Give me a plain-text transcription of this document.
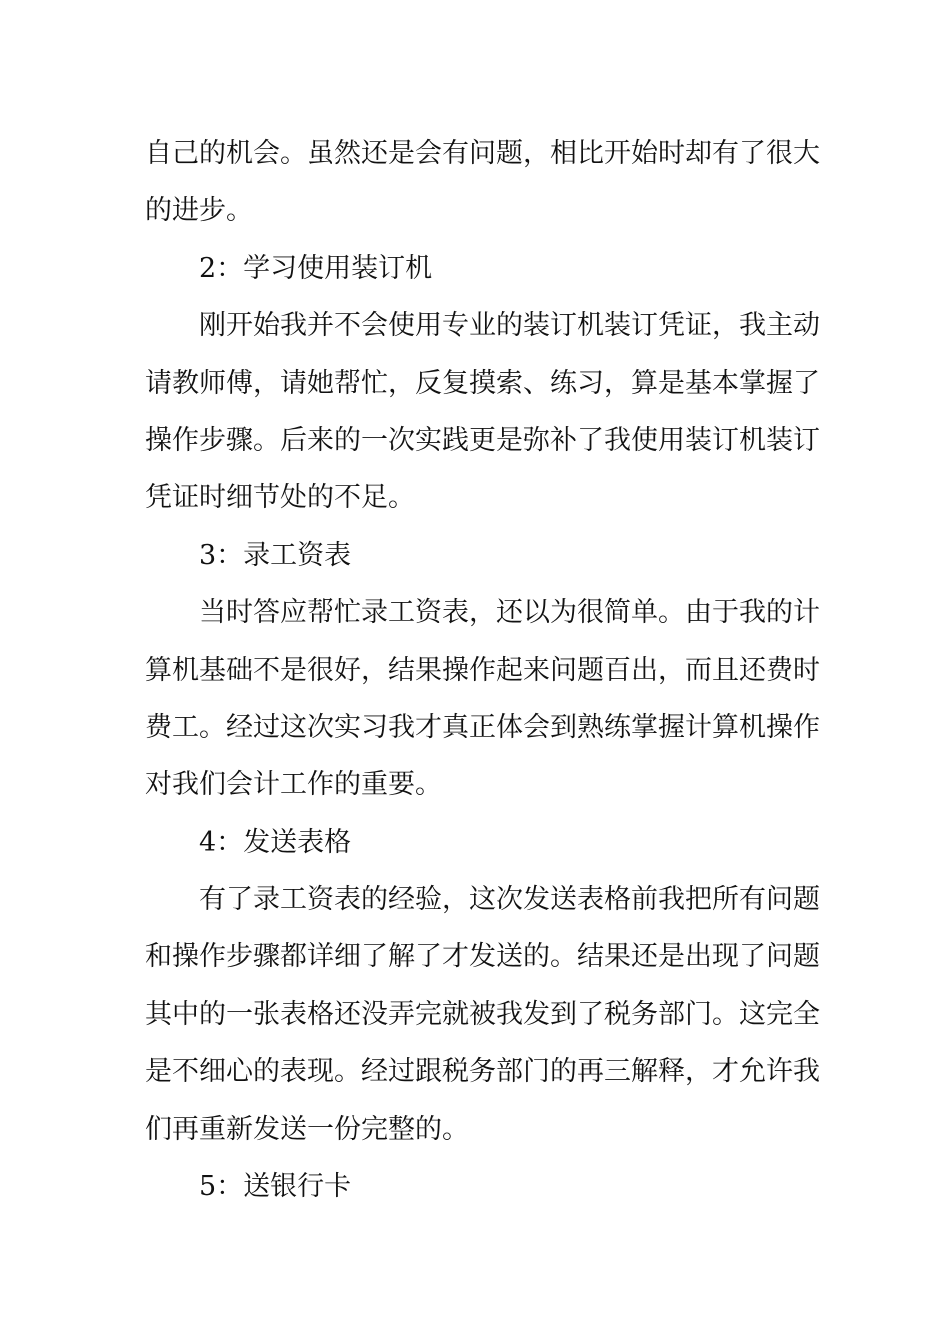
自己的机会。虽然还是会有问题，相比开始时却有了很大
的进步。
2：学习使用装订机
刚开始我并不会使用专业的装订机装订凭证，我主动
请教师傅，请她帮忙，反复摸索、练习，算是基本掌握了
操作步骤。后来的一次实践更是弥补了我使用装订机装订
凭证时细节处的不足。
3：录工资表
当时答应帮忙录工资表，还以为很简单。由于我的计
算机基础不是很好，结果操作起来问题百出，而且还费时
费工。经过这次实习我才真正体会到熟练掌握计算机操作
对我们会计工作的重要。
4：发送表格
有了录工资表的经验，这次发送表格前我把所有问题
和操作步骤都详细了解了才发送的。结果还是出现了问题
其中的一张表格还没弄完就被我发到了税务部门。这完全
是不细心的表现。经过跟税务部门的再三解释，才允许我
们再重新发送一份完整的。
5：送银行卡
